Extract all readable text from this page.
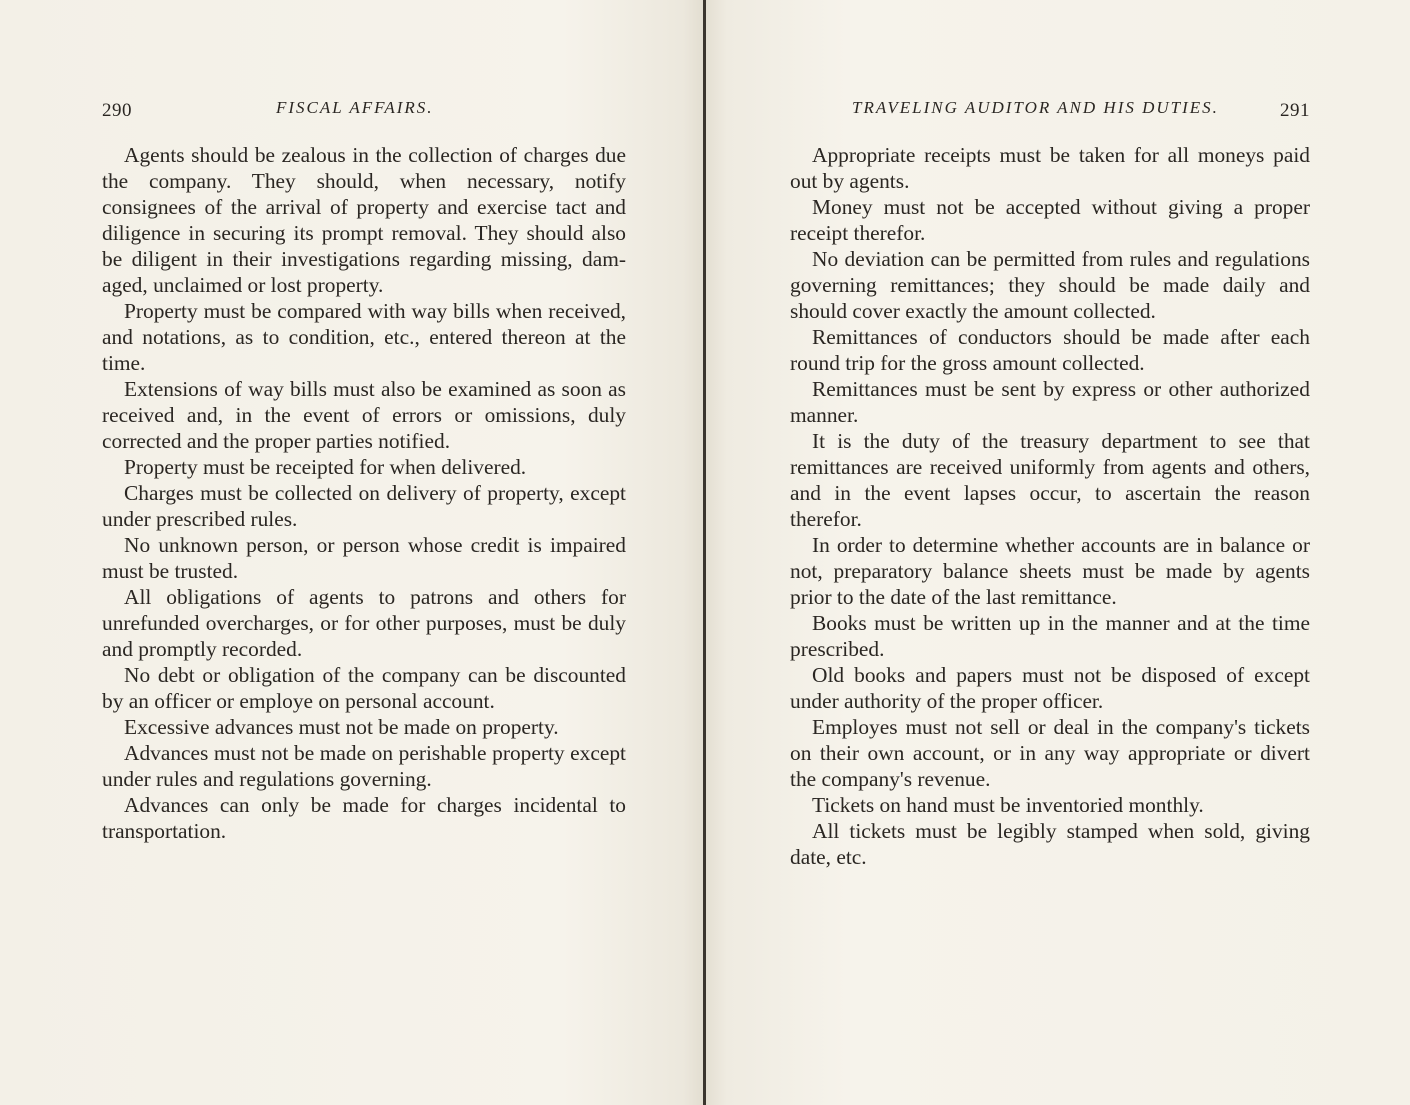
290	FISCAL AFFAIRS.

Agents should be zealous in the collection of charges due the company. They should, when necessary, notify consignees of the arrival of property and exercise tact and diligence in securing its prompt removal. They should also be diligent in their investigations regarding missing, damaged, unclaimed or lost property.

Property must be compared with way bills when received, and notations, as to condition, etc., entered thereon at the time.

Extensions of way bills must also be examined as soon as received and, in the event of errors or omissions, duly corrected and the proper parties notified.

Property must be receipted for when delivered.

Charges must be collected on delivery of property, except under prescribed rules.

No unknown person, or person whose credit is impaired must be trusted.

All obligations of agents to patrons and others for unrefunded overcharges, or for other purposes, must be duly and promptly recorded.

No debt or obligation of the company can be discounted by an officer or employe on personal account.

Excessive advances must not be made on property.

Advances must not be made on perishable property except under rules and regulations governing.

Advances can only be made for charges incidental to transportation.

TRAVELING AUDITOR AND HIS DUTIES.	291

Appropriate receipts must be taken for all moneys paid out by agents.

Money must not be accepted without giving a proper receipt therefor.

No deviation can be permitted from rules and regulations governing remittances; they should be made daily and should cover exactly the amount collected.

Remittances of conductors should be made after each round trip for the gross amount collected.

Remittances must be sent by express or other authorized manner.

It is the duty of the treasury department to see that remittances are received uniformly from agents and others, and in the event lapses occur, to ascertain the reason therefor.

In order to determine whether accounts are in balance or not, preparatory balance sheets must be made by agents prior to the date of the last remittance.

Books must be written up in the manner and at the time prescribed.

Old books and papers must not be disposed of except under authority of the proper officer.

Employes must not sell or deal in the company's tickets on their own account, or in any way appropriate or divert the company's revenue.

Tickets on hand must be inventoried monthly.

All tickets must be legibly stamped when sold, giving date, etc.
